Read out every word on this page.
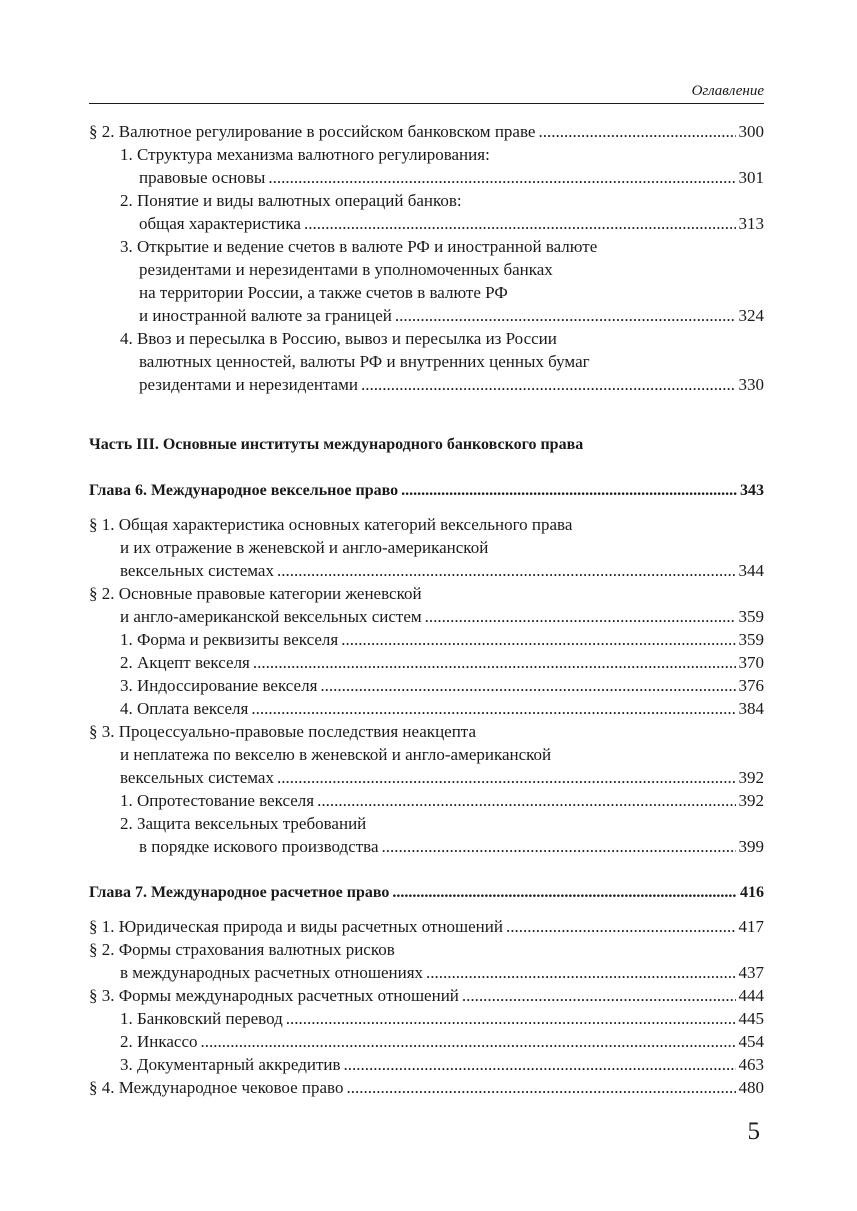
Оглавление
§ 2. Валютное регулирование в российском банковском праве .....	300
1. Структура механизма валютного регулирования:
правовые основы .....	301
2. Понятие и виды валютных операций банков:
общая характеристика .....	313
3. Открытие и ведение счетов в валюте РФ и иностранной валюте
резидентами и нерезидентами в уполномоченных банках
на территории России, а также счетов в валюте РФ
и иностранной валюте за границей .....	324
4. Ввоз и пересылка в Россию, вывоз и пересылка из России
валютных ценностей, валюты РФ и внутренних ценных бумаг
резидентами и нерезидентами .....	330
Часть III. Основные институты международного банковского права
Глава 6. Международное вексельное право .....	343
§ 1. Общая характеристика основных категорий вексельного права
и их отражение в женевской и англо-американской
вексельных системах .....	344
§ 2. Основные правовые категории женевской
и англо-американской вексельных систем .....	359
1. Форма и реквизиты векселя .....	359
2. Акцепт векселя .....	370
3. Индоссирование векселя .....	376
4. Оплата векселя .....	384
§ 3. Процессуально-правовые последствия неакцепта
и неплатежа по векселю в женевской и англо-американской
вексельных системах .....	392
1. Опротестование векселя .....	392
2. Защита вексельных требований
в порядке искового производства .....	399
Глава 7. Международное расчетное право .....	416
§ 1. Юридическая природа и виды расчетных отношений .....	417
§ 2. Формы страхования валютных рисков
в международных расчетных отношениях .....	437
§ 3. Формы международных расчетных отношений .....	444
1. Банковский перевод .....	445
2. Инкассо .....	454
3. Документарный аккредитив .....	463
§ 4. Международное чековое право .....	480
5
